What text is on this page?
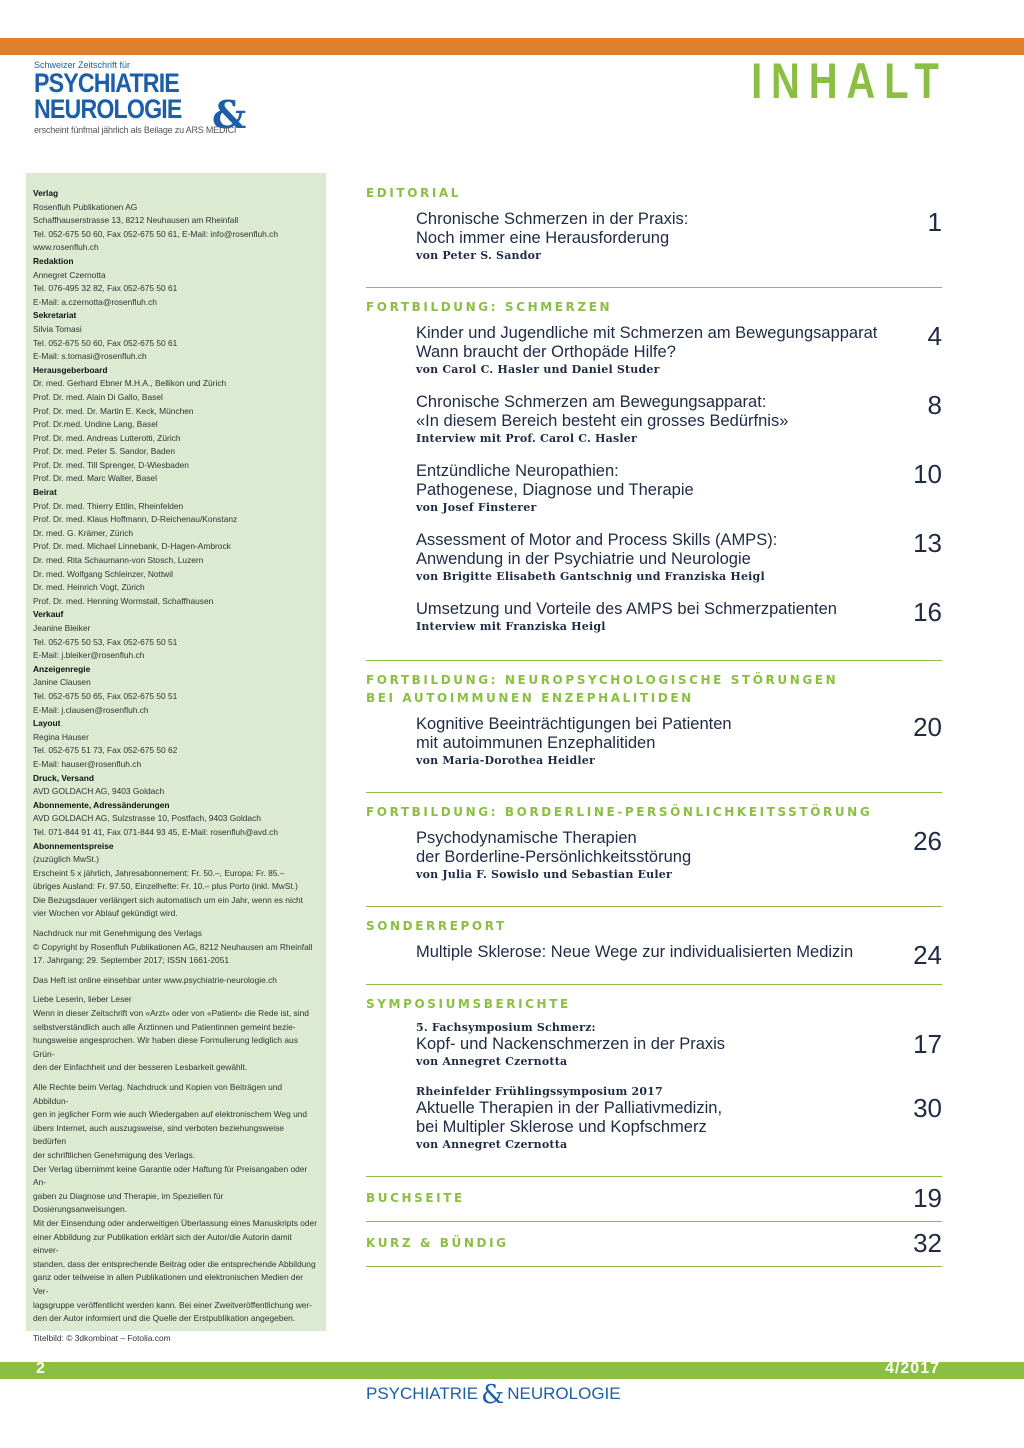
Schweizer Zeitschrift für
PSYCHIATRIE
NEUROLOGIE &
erscheint fünfmal jährlich als Beilage zu ARS MEDICI
INHALT
Verlag
Rosenfluh Publikationen AG
Schaffhauserstrasse 13, 8212 Neuhausen am Rheinfall
Tel. 052-675 50 60, Fax 052-675 50 61, E-Mail: info@rosenfluh.ch
www.rosenfluh.ch
Redaktion
Annegret Czernotta
Tel. 076-495 32 82, Fax 052-675 50 61
E-Mail: a.czernotta@rosenfluh.ch
Sekretariat
Silvia Tomasi
Tel. 052-675 50 60, Fax 052-675 50 61
E-Mail: s.tomasi@rosenfluh.ch
Herausgeberboard
Dr. med. Gerhard Ebner M.H.A., Bellikon und Zürich
Prof. Dr. med. Alain Di Gallo, Basel
Prof. Dr. med. Dr. Martin E. Keck, München
Prof. Dr.med. Undine Lang, Basel
Prof. Dr. med. Andreas Lutterotti, Zürich
Prof. Dr. med. Peter S. Sandor, Baden
Prof. Dr. med. Till Sprenger, D-Wiesbaden
Prof. Dr. med. Marc Walter, Basel
Beirat
Prof. Dr. med. Thierry Ettlin, Rheinfelden
Prof. Dr. med. Klaus Hoffmann, D-Reichenau/Konstanz
Dr. med. G. Krämer, Zürich
Prof. Dr. med. Michael Linnebank, D-Hagen-Ambrock
Dr. med. Rita Schaumann-von Stosch, Luzern
Dr. med. Wolfgang Schleinzer, Nottwil
Dr. med. Heinrich Vogt, Zürich
Prof. Dr. med. Henning Wormstall, Schaffhausen
Verkauf
Jeanine Bleiker
Tel. 052-675 50 53, Fax 052-675 50 51
E-Mail: j.bleiker@rosenfluh.ch
Anzeigenregie
Janine Clausen
Tel. 052-675 50 65, Fax 052-675 50 51
E-Mail: j.clausen@rosenfluh.ch
Layout
Regina Hauser
Tel. 052-675 51 73, Fax 052-675 50 62
E-Mail: hauser@rosenfluh.ch
Druck, Versand
AVD GOLDACH AG, 9403 Goldach
Abonnemente, Adressänderungen
AVD GOLDACH AG, Sulzstrasse 10, Postfach, 9403 Goldach
Tel. 071-844 91 41, Fax 071-844 93 45, E-Mail: rosenfluh@avd.ch
Abonnementspreise
(zuzüglich MwSt.)
Erscheint 5 x jährlich, Jahresabonnement: Fr. 50.–, Europa: Fr. 85.–
übriges Ausland: Fr. 97.50, Einzelhefte: Fr. 10.– plus Porto (inkl. MwSt.)
Die Bezugsdauer verlängert sich automatisch um ein Jahr, wenn es nicht
vier Wochen vor Ablauf gekündigt wird.
Nachdruck nur mit Genehmigung des Verlags
© Copyright by Rosenfluh Publikationen AG, 8212 Neuhausen am Rheinfall
17. Jahrgang; 29. September 2017; ISSN 1661-2051
Das Heft ist online einsehbar unter www.psychiatrie-neurologie.ch
Liebe Leserin, lieber Leser
Wenn in dieser Zeitschrift von «Arzt» oder von «Patient» die Rede ist, sind
selbstverständlich auch alle Ärztinnen und Patientinnen gemeint bezie-
hungsweise angesprochen. Wir haben diese Formulierung lediglich aus Grün-
den der Einfachheit und der besseren Lesbarkeit gewählt.
Alle Rechte beim Verlag. Nachdruck und Kopien von Beiträgen und Abbildun-
gen in jeglicher Form wie auch Wiedergaben auf elektronischem Weg und
übers Internet, auch auszugsweise, sind verboten beziehungsweise bedürfen
der schriftlichen Genehmigung des Verlags.
Der Verlag übernimmt keine Garantie oder Haftung für Preisangaben oder An-
gaben zu Diagnose und Therapie, im Speziellen für Dosierungsanweisungen.
Mit der Einsendung oder anderweitigen Überlassung eines Manuskripts oder
einer Abbildung zur Publikation erklärt sich der Autor/die Autorin damit einver-
standen, dass der entsprechende Beitrag oder die entsprechende Abbildung
ganz oder teilweise in allen Publikationen und elektronischen Medien der Ver-
lagsgruppe veröffentlicht werden kann. Bei einer Zweitveröffentlichung wer-
den der Autor informiert und die Quelle der Erstpublikation angegeben.
Titelbild: © 3dkombinat – Fotolia.com
EDITORIAL
Chronische Schmerzen in der Praxis:
Noch immer eine Herausforderung
von Peter S. Sandor
1
FORTBILDUNG: SCHMERZEN
Kinder und Jugendliche mit Schmerzen am Bewegungsapparat
Wann braucht der Orthopäde Hilfe?
von Carol C. Hasler und Daniel Studer
4
Chronische Schmerzen am Bewegungsapparat:
«In diesem Bereich besteht ein grosses Bedürfnis»
Interview mit Prof. Carol C. Hasler
8
Entzündliche Neuropathien:
Pathogenese, Diagnose und Therapie
von Josef Finsterer
10
Assessment of Motor and Process Skills (AMPS):
Anwendung in der Psychiatrie und Neurologie
von Brigitte Elisabeth Gantschnig und Franziska Heigl
13
Umsetzung und Vorteile des AMPS bei Schmerzpatienten
Interview mit Franziska Heigl	16
FORTBILDUNG: NEUROPSYCHOLOGISCHE STÖRUNGEN
BEI AUTOIMMUNEN ENZEPHALITIDEN
Kognitive Beeinträchtigungen bei Patienten
mit autoimmunen Enzephalitiden
von Maria-Dorothea Heidler
20
FORTBILDUNG: BORDERLINE-PERSÖNLICHKEITSSTÖRUNG
Psychodynamische Therapien
der Borderline-Persönlichkeitsstörung
von Julia F. Sowislo und Sebastian Euler
26
SONDERREPORT
Multiple Sklerose: Neue Wege zur individualisierten Medizin	24
SYMPOSIUMSBERICHTE
5. Fachsymposium Schmerz:
Kopf- und Nackenschmerzen in der Praxis
von Annegret Czernotta
17
Rheinfelder Frühlingssymposium 2017
Aktuelle Therapien in der Palliativmedizin,
bei Multipler Sklerose und Kopfschmerz
von Annegret Czernotta
30
BUCHSEITE	19
KURZ & BÜNDIG	32
2	4/2017
PSYCHIATRIE & NEUROLOGIE
